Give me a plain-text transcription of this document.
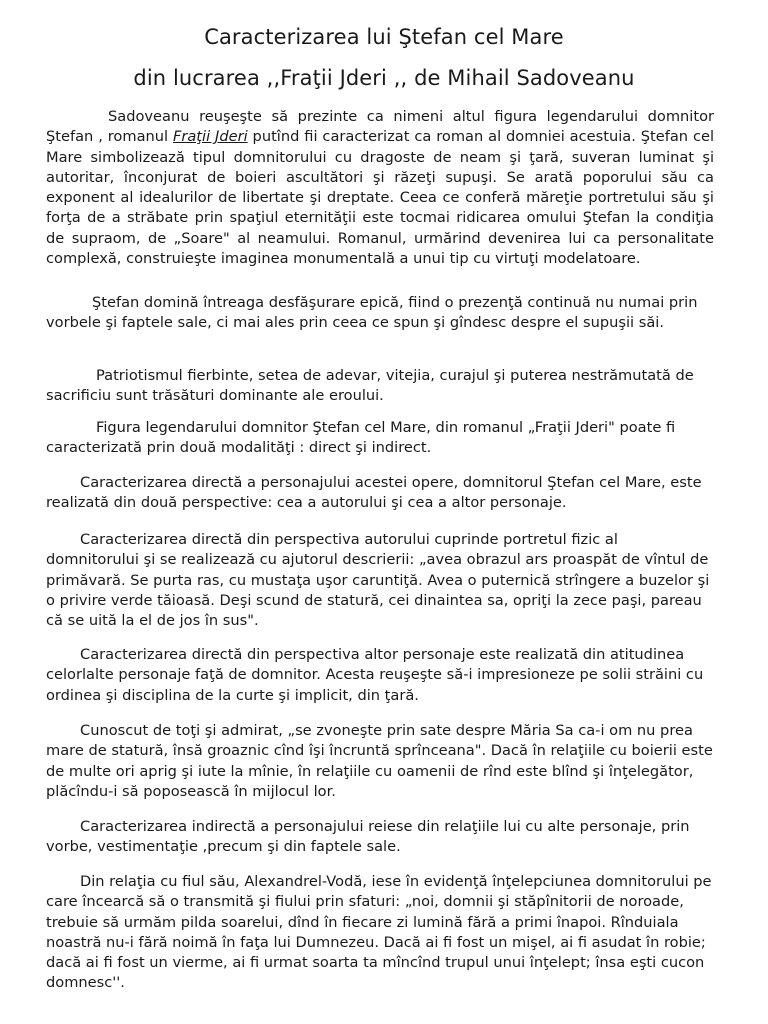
Caracterizarea lui Ştefan cel Mare
din lucrarea ,,Fraţii Jderi ,, de Mihail Sadoveanu

Sadoveanu reuşeşte să prezinte ca nimeni altul figura legendarului domnitor Ştefan , romanul Fraţii Jderi putînd fii caracterizat ca roman al domniei acestuia. Ştefan cel Mare simbolizează tipul domnitorului cu dragoste de neam şi ţară, suveran luminat şi autoritar, înconjurat de boieri ascultători şi răzeţi supuşi. Se arată poporului său ca exponent al idealurilor de libertate şi dreptate. Ceea ce conferă măreţie portretului său şi forţa de a străbate prin spaţiul eternităţii este tocmai ridicarea omului Ştefan la condiţia de supraom, de „Soare" al neamului. Romanul, urmărind devenirea lui ca personalitate complexă, construieşte imaginea monumentală a unui tip cu virtuţi modelatoare.

Ştefan domină întreaga desfăşurare epică, fiind o prezenţă continuă nu numai prin vorbele şi faptele sale, ci mai ales prin ceea ce spun şi gîndesc despre el supuşii săi.

Patriotismul fierbinte, setea de adevar, vitejia, curajul şi puterea nestrămutată de sacrificiu sunt trăsături dominante ale eroului.

Figura legendarului domnitor Ştefan cel Mare, din romanul „Fraţii Jderi" poate fi caracterizată prin două modalităţi : direct şi indirect.

Caracterizarea directă a personajului acestei opere, domnitorul Ştefan cel Mare, este realizată din două perspective: cea a autorului şi cea a altor personaje.

Caracterizarea directă din perspectiva autorului cuprinde portretul fizic al domnitorului şi se realizează cu ajutorul descrierii: „avea obrazul ars proaspăt de vîntul de primăvară. Se purta ras, cu mustaţa uşor caruntiţă. Avea o puternică strîngere a buzelor şi o privire verde tăioasă. Deşi scund de statură, cei dinaintea sa, opriţi la zece paşi, pareau că se uită la el de jos în sus".

Caracterizarea directă din perspectiva altor personaje este realizată din atitudinea celorlalte personaje faţă de domnitor. Acesta reuşeşte să-i impresioneze pe solii străini cu ordinea şi disciplina de la curte şi implicit, din ţară.

Cunoscut de toţi şi admirat, „se zvoneşte prin sate despre Măria Sa ca-i om nu prea mare de statură, însă groaznic cînd îşi încruntă sprînceana". Dacă în relaţiile cu boierii este de multe ori aprig şi iute la mînie, în relaţiile cu oamenii de rînd este blînd şi înţelegător, plăcîndu-i să poposească în mijlocul lor.

Caracterizarea indirectă a personajului reiese din relaţiile lui cu alte personaje, prin vorbe, vestimentaţie ,precum şi din faptele sale.

Din relaţia cu fiul său, Alexandrel-Vodă, iese în evidenţă înţelepciunea domnitorului pe care încearcă să o transmită şi fiului prin sfaturi: „noi, domnii şi stăpînitorii de noroade, trebuie să urmăm pilda soarelui, dînd în fiecare zi lumină fără a primi înapoi. Rînduiala noastră nu-i fără noimă în faţa lui Dumnezeu. Dacă ai fi fost un mişel, ai fi asudat în robie; dacă ai fi fost un vierme, ai fi urmat soarta ta mîncînd trupul unui înţelept; însa eşti cucon domnesc''.
